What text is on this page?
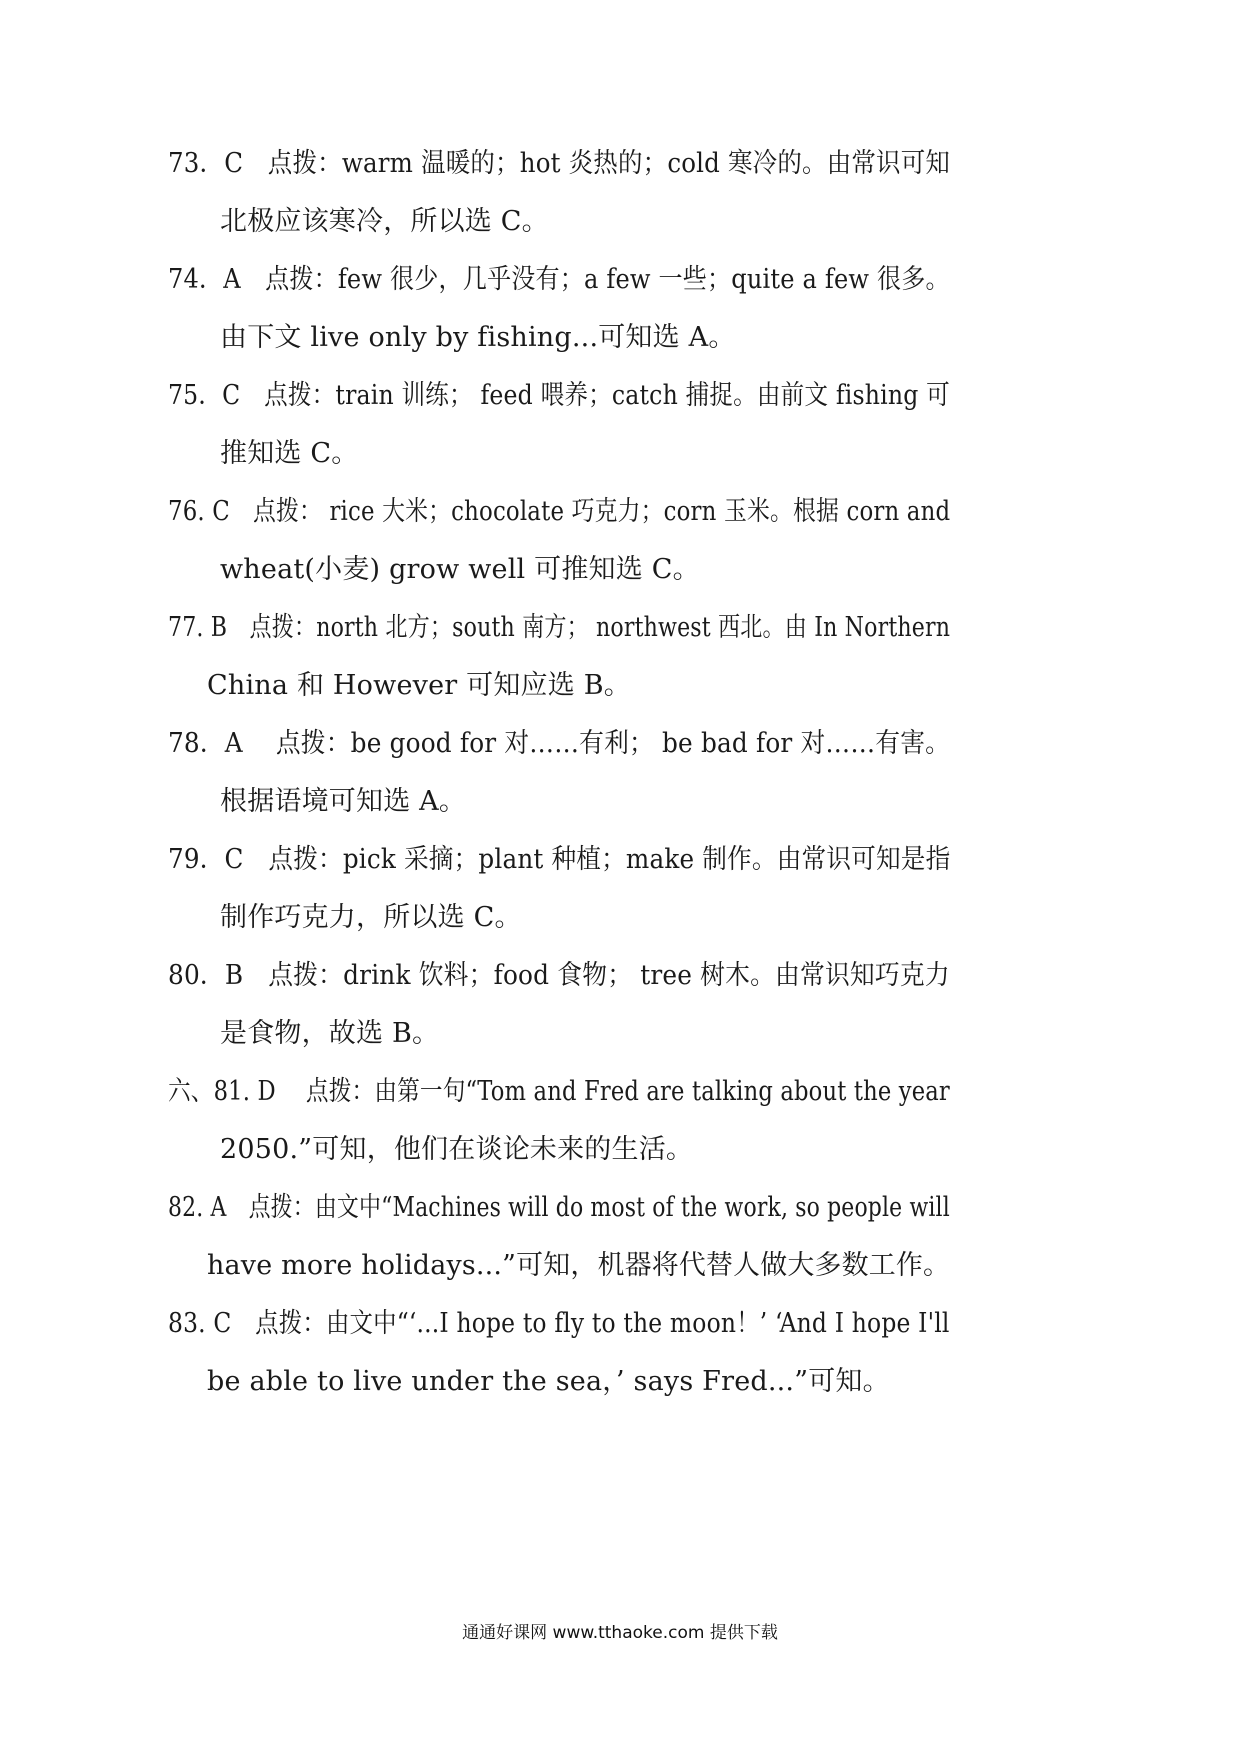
73．C　点拨：warm 温暖的；hot 炎热的；cold 寒冷的。由常识可知
北极应该寒冷，所以选 C。
74．A　点拨：few 很少，几乎没有；a few 一些；quite a few 很多。
由下文 live only by fishing...可知选 A。
75．C　点拨：train 训练； feed 喂养；catch 捕捉。由前文 fishing 可
推知选 C。
76. C　点拨： rice 大米；chocolate 巧克力；corn 玉米。根据 corn and
wheat(小麦) grow well 可推知选 C。
77. B　点拨：north 北方；south 南方； northwest 西北。由 In Northern
China 和 However 可知应选 B。
78．A　 点拨：be good for 对……有利； be bad for 对……有害。
根据语境可知选 A。
79．C　点拨：pick 采摘；plant 种植；make 制作。由常识可知是指
制作巧克力，所以选 C。
80．B　点拨：drink 饮料；food 食物； tree 树木。由常识知巧克力
是食物，故选 B。
六、81. D　 点拨：由第一句“Tom and Fred are talking about the year
2050.”可知，他们在谈论未来的生活。
82. A　点拨：由文中“Machines will do most of the work, so people will
have more holidays...”可知，机器将代替人做大多数工作。
83. C　点拨：由文中“‘...I hope to fly to the moon！’ ‘And I hope I'll
be able to live under the sea，’ says Fred...”可知。
通通好课网 www.tthaoke.com 提供下载
